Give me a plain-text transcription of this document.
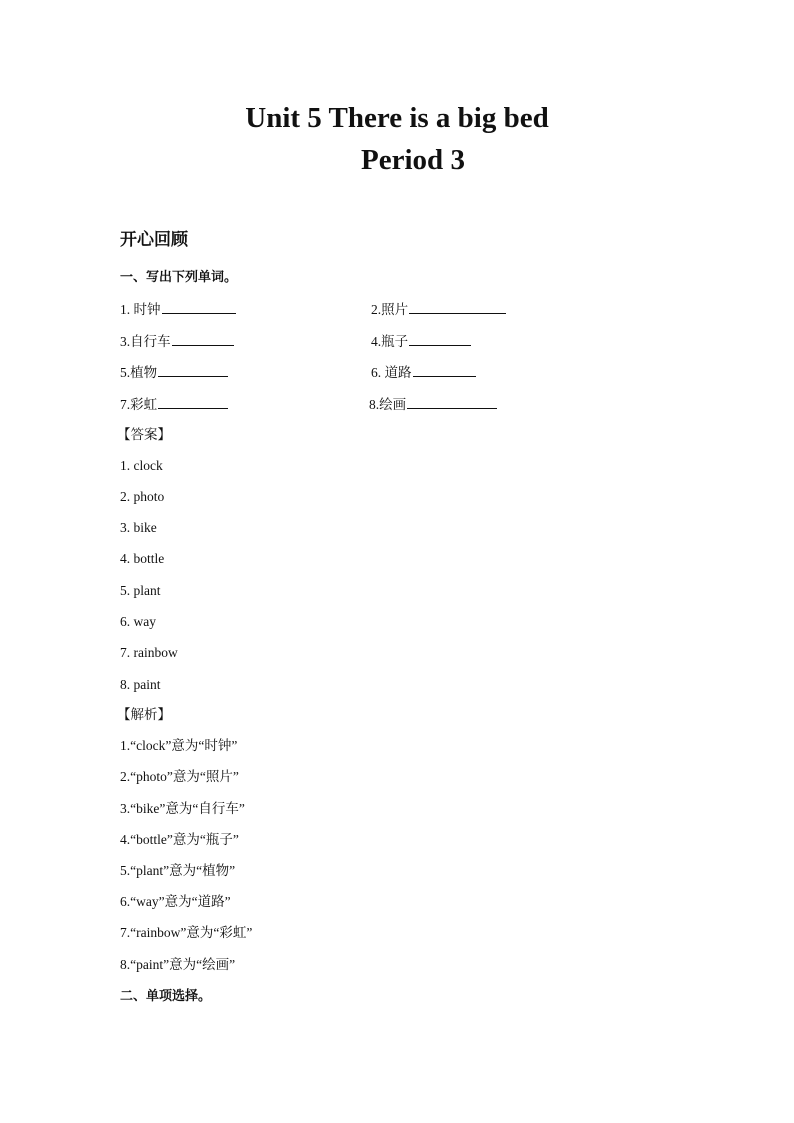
Unit 5 There is a big bed
Period 3
开心回顾
一、写出下列单词。
1. 时钟	2.照片
3.自行车	4.瓶子
5.植物	6. 道路
7.彩虹	8.绘画
【答案】
1. clock
2. photo
3. bike
4. bottle
5. plant
6. way
7. rainbow
8. paint
【解析】
1.“clock”意为“时钟”
2.“photo”意为“照片”
3.“bike”意为“自行车”
4.“bottle”意为“瓶子”
5.“plant”意为“植物”
6.“way”意为“道路”
7.“rainbow”意为“彩虹”
8.“paint”意为“绘画”
二、单项选择。
